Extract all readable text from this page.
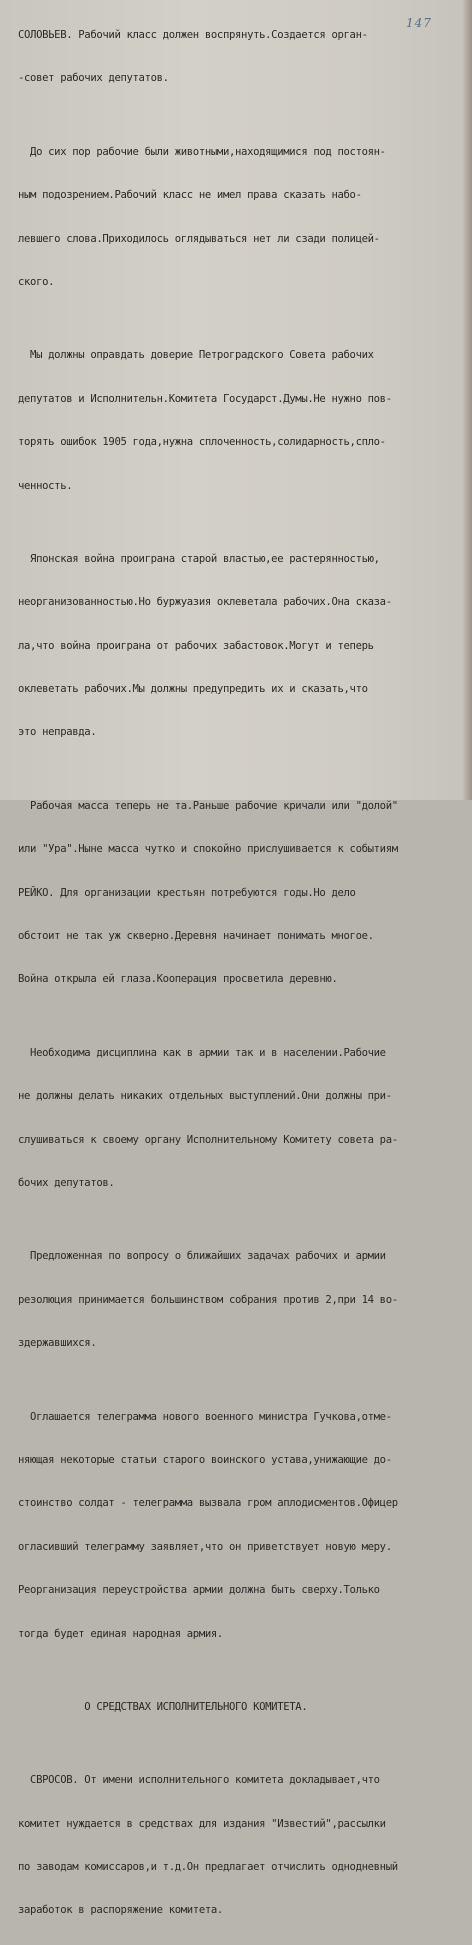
147

СОЛОВЬЕВ. Рабочий класс должен воспрянуть.Создается орган-

-совет рабочих депутатов.

До сих пор рабочие были животными,находящимися под постоян-

ным подозрением.Рабочий класс не имел права сказать набо-

левшего слова.Приходилось оглядываться нет ли сзади полицей-

ского.

Мы должны оправдать доверие Петроградского Совета рабочих

депутатов и Исполнительн.Комитета Государст.Думы.Не нужно пов-

торять ошибок 1905 года,нужна сплоченность,солидарность,спло-

ченность.

Японская война проиграна старой властью,ее растерянностью,

неорганизованностью.Но буржуазия оклеветала рабочих.Она сказа-

ла,что война проиграна от рабочих забастовок.Могут и теперь

оклеветать рабочих.Мы должны предупредить их и сказать,что

это неправда.

Рабочая масса теперь не та.Раньше рабочие кричали или "долой"

или "Ура".Ныне масса чутко и спокойно прислушивается к событиям

РЕЙКО. Для организации крестьян потребуются годы.Но дело

обстоит не так уж скверно.Деревня начинает понимать многое.

Война открыла ей глаза.Кооперация просветила деревню.

Необходима дисциплина как в армии так и в населении.Рабочие

не должны делать никаких отдельных выступлений.Они должны при-

слушиваться к своему органу Исполнительному Комитету совета ра-

бочих депутатов.

Предложенная по вопросу о ближайших задачах рабочих и армии

резолюция принимается большинством собрания против 2,при 14 во-

здержавшихся.

Оглашается телеграмма нового военного министра Гучкова,отме-

няющая некоторые статьи старого воинского устава,унижающие до-

стоинство солдат - телеграмма вызвала гром аплодисментов.Офицер

огласивший телеграмму заявляет,что он приветствует новую меру.

Реорганизация переустройства армии должна быть сверху.Только

тогда будет единая народная армия.

О СРЕДСТВАХ ИСПОЛНИТЕЛЬНОГО КОМИТЕТА.

СВРОСОВ. От имени исполнительного комитета докладывает,что

комитет нуждается в средствах для издания "Известий",рассылки

по заводам комиссаров,и т.д.Он предлагает отчислить однодневный

заработок в распоряжение комитета.
